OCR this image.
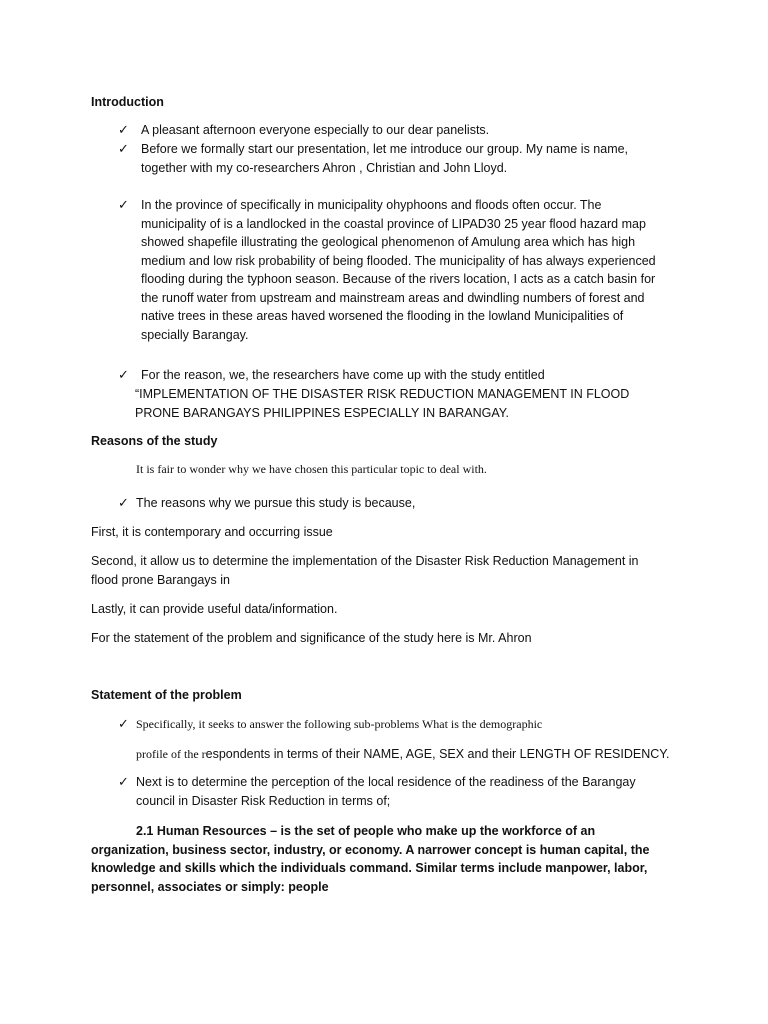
Introduction
✓ A pleasant afternoon everyone especially to our dear panelists.
✓ Before we formally start our presentation, let me introduce our group. My name is name, together with my co-researchers Ahron , Christian and John Lloyd.
✓ In the province of specifically in municipality ohyphoons and floods often occur. The municipality of is a landlocked in the coastal province of LIPAD30 25 year flood hazard map showed shapefile illustrating the geological phenomenon of Amulung area which has high medium and low risk probability of being flooded. The municipality of has always experienced flooding during the typhoon season. Because of the rivers location, I acts as a catch basin for the runoff water from upstream and mainstream areas and dwindling numbers of forest and native trees in these areas haved worsened the flooding in the lowland Municipalities of specially Barangay.
✓ For the reason, we, the researchers have come up with the study entitled
“IMPLEMENTATION OF THE DISASTER RISK REDUCTION MANAGEMENT IN FLOOD PRONE BARANGAYS PHILIPPINES ESPECIALLY IN BARANGAY.
Reasons of the study
It is fair to wonder why we have chosen this particular topic to deal with.
✓ The reasons why we pursue this study is because,
First, it is contemporary and occurring issue
Second, it allow us to determine the implementation of the Disaster Risk Reduction Management in flood prone Barangays in
Lastly, it can provide useful data/information.
For the statement of the problem and significance of the study here is Mr. Ahron
Statement of the problem
✓ Specifically, it seeks to answer the following sub-problems What is the demographic
profile of the respondents in terms of their NAME, AGE, SEX and their LENGTH OF RESIDENCY.
✓ Next is to determine the perception of the local residence of the readiness of the Barangay council in Disaster Risk Reduction in terms of;
2.1 Human Resources – is the set of people who make up the workforce of an organization, business sector, industry, or economy. A narrower concept is human capital, the knowledge and skills which the individuals command. Similar terms include manpower, labor, personnel, associates or simply: people
